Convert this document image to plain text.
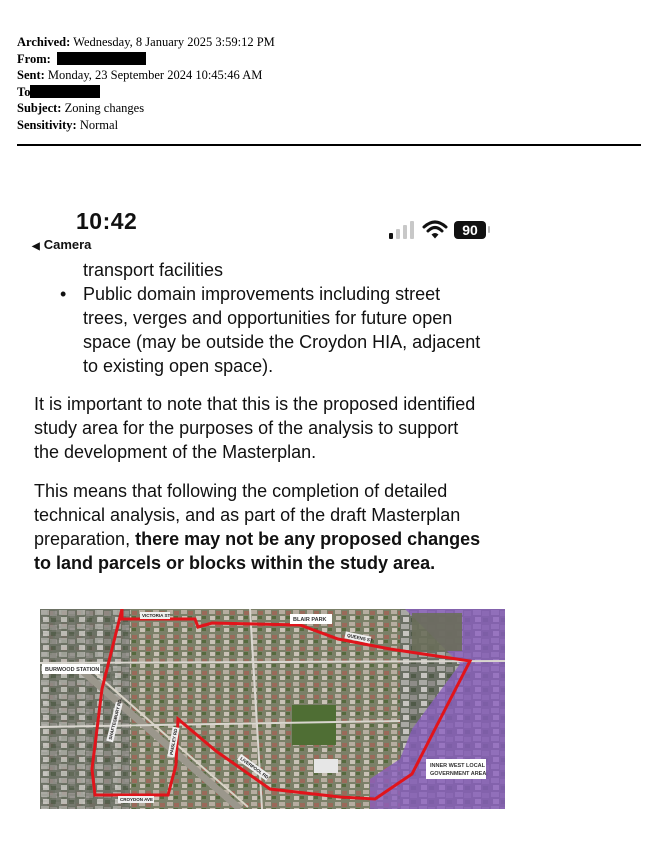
Archived: Wednesday, 8 January 2025 3:59:12 PM
From:
Sent: Monday, 23 September 2024 10:45:46 AM
To
Subject: Zoning changes
Sensitivity: Normal
10:42
◀ Camera
90
transport facilities
• Public domain improvements including street
trees, verges and opportunities for future open
space (may be outside the Croydon HIA, adjacent
to existing open space).
It is important to note that this is the proposed identified
study area for the purposes of the analysis to support
the development of the Masterplan.
This means that following the completion of detailed
technical analysis, and as part of the draft Masterplan
preparation, there may not be any proposed changes
to land parcels or blocks within the study area.
BLAIR PARK
BURWOOD STATION
INNER WEST LOCAL
GOVERNMENT AREA
VICTORIA ST
QUEENS ST
SHAFTESBURY RD
PAISLEY RD
CROYDON AVE
LIVERPOOL RD
